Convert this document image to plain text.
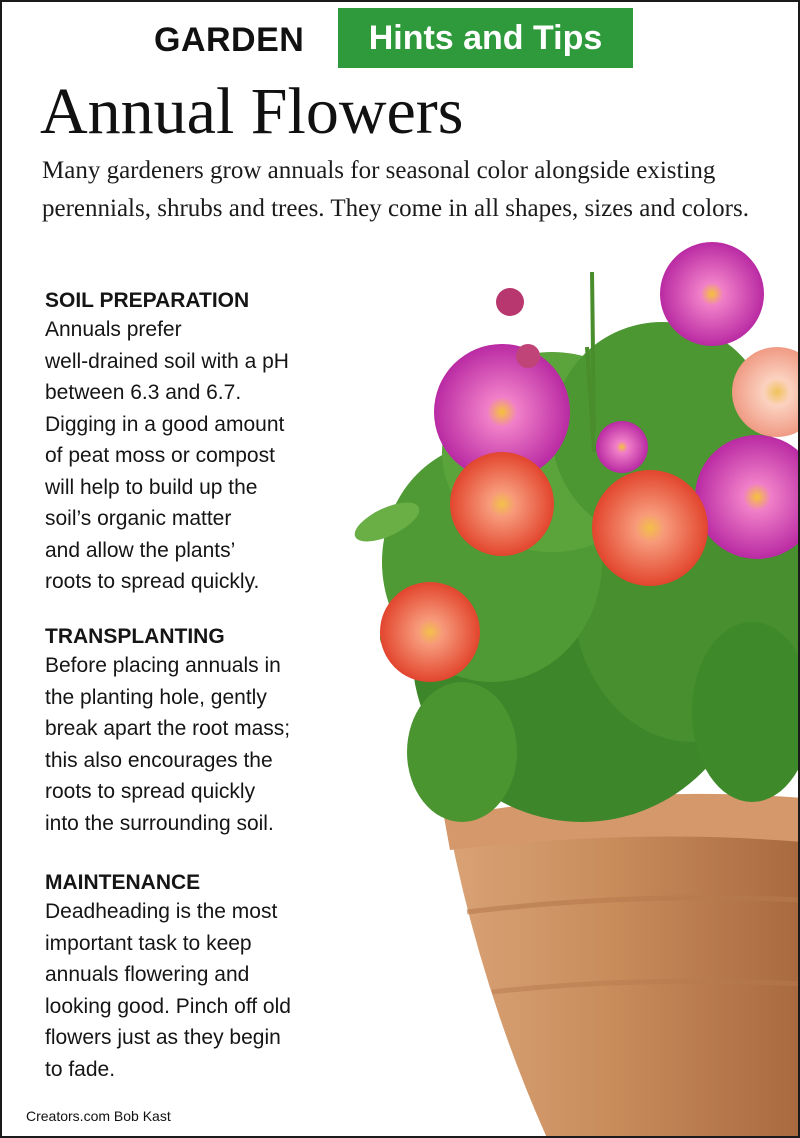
GARDEN	Hints and Tips
Annual Flowers

Many gardeners grow annuals for seasonal color alongside existing perennials, shrubs and trees. They come in all shapes, sizes and colors.

SOIL PREPARATION
Annuals prefer
well-drained soil with a pH
between 6.3 and 6.7.
Digging in a good amount
of peat moss or compost
will help to build up the
soil’s organic matter
and allow the plants’
roots to spread quickly.
TRANSPLANTING
Before placing annuals in
the planting hole, gently
break apart the root mass;
this also encourages the
roots to spread quickly
into the surrounding soil.
MAINTENANCE
Deadheading is the most
important task to keep
annuals flowering and
looking good. Pinch off old
flowers just as they begin
to fade.
Creators.com Bob Kast
